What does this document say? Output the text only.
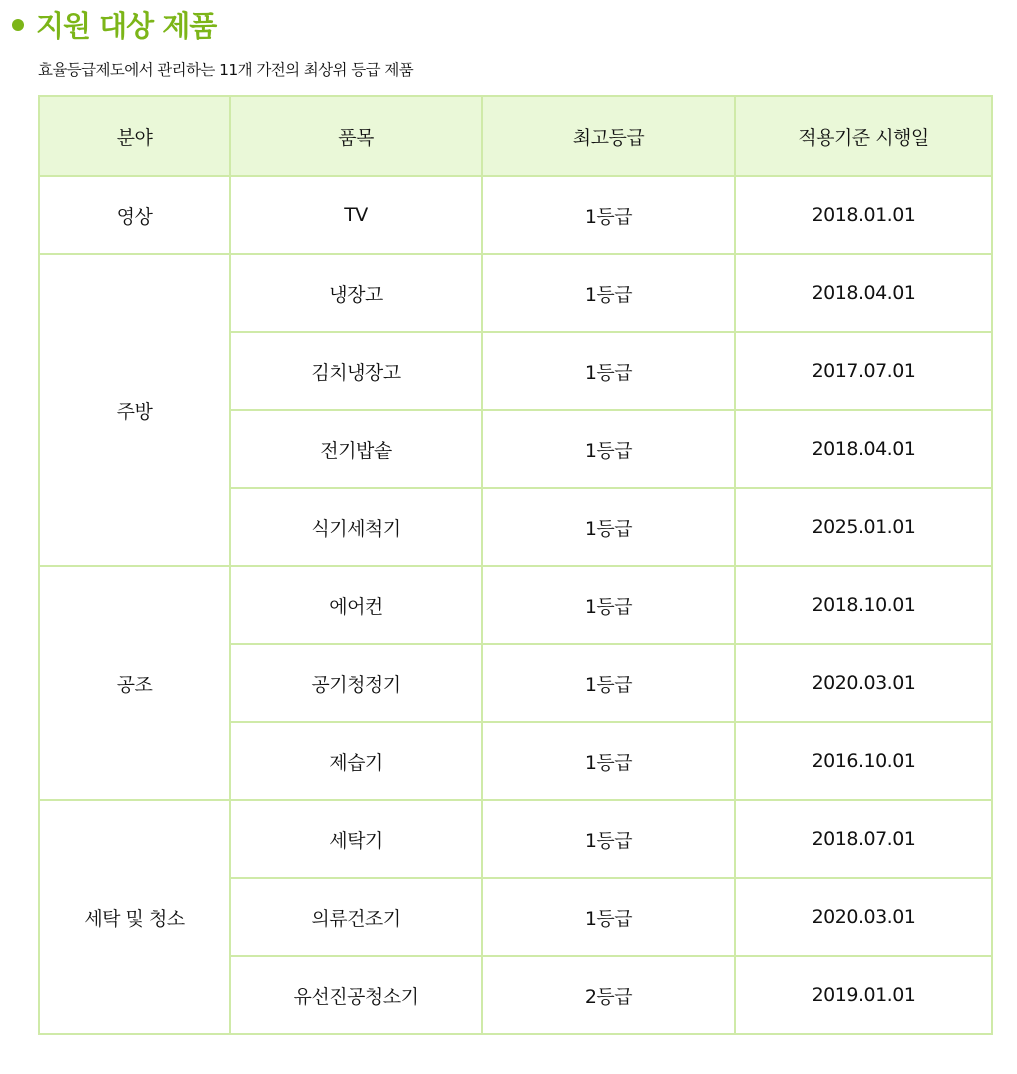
지원 대상 제품
효율등급제도에서 관리하는 11개 가전의 최상위 등급 제품
분야	품목	최고등급	적용기준 시행일
영상	TV	1등급	2018.01.01
주방	냉장고	1등급	2018.04.01
	김치냉장고	1등급	2017.07.01
	전기밥솥	1등급	2018.04.01
	식기세척기	1등급	2025.01.01
공조	에어컨	1등급	2018.10.01
	공기청정기	1등급	2020.03.01
	제습기	1등급	2016.10.01
세탁 및 청소	세탁기	1등급	2018.07.01
	의류건조기	1등급	2020.03.01
	유선진공청소기	2등급	2019.01.01
